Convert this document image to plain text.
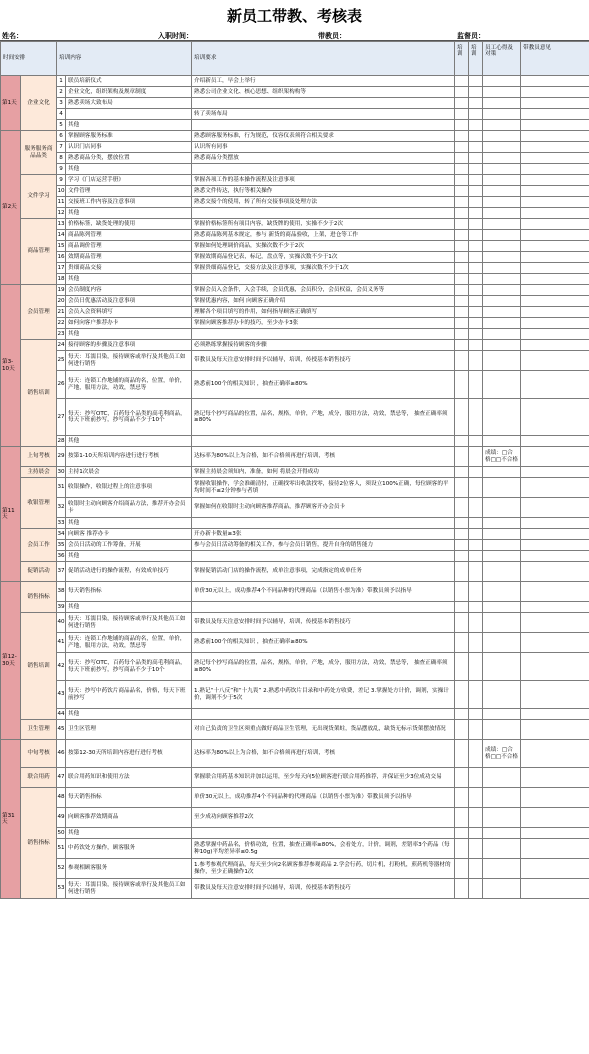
新员工带教、考核表
姓名：	入职时间：	带教员：	监督员：
时间安排		培训内容		培训要求	培训	培训	员工心得及对策	带教员意见
第1天	企业文化	1	联员培新仪式	介绍新员工，早会上举行				
		2	企业文化，组织架构及规章制度	熟悉公司企业文化、核心思想、组织架构构等				
		3	熟悉卖场大致布局					
		4		转了卖场布局				
		5	其他					
第2天	服务服务商品品类	6	掌握顾客服务标准	熟悉顾客服务标准，行为规范，仪容仪表须符合相关要求				
		7	认识门店同事	认识所有同事				
		8	熟悉商品分类，摆放位置	熟悉商品分类摆放				
		9	其他					
	文件学习	9	学习《门店运营手册》	掌握各项工作的基本操作流程及注意事项				
		10	文件管理	熟悉文件传达，执行等相关操作				
		11	交接班工作内容及注意事项	熟悉交接个的使用，转了所有交接事项及处理方法				
		12	其他					
	商品管理	13	价格标签，缺货处理的使用	掌握价格标签所有项目内容，缺货牌的使用，实操不少于2次				
		14	商品陈列管理	熟悉商品陈列基本规定，参与 新货的商品验收，上架，进仓等工作				
		15	商品调价管理	掌握如何处理调价商品，实操次数不少于2次				
		16	效期商品管理	掌握效期商品登记表，标记，盘点等，实操次数不少于1次				
		17	贵细商品交接	掌握贵细商品登记，交接方法及注意事项，实操次数不少于1次				
		18	其他					
第3-10天	会员管理	19	会员制度内容	掌握会员入会条件，入会手续，会员优惠，会员积分，会员权益，会员义务等				
		20	会员日优惠活动及注意事项	掌握优惠内容，如何 向顾客正确介绍				
		21	会员入会资料填写	理解各个项目填写的作用，如何指导顾客正确填写				
		22	如何向客户推荐办卡	掌握向顾客推荐办卡的技巧，至少办卡3张				
		23	其他					
	销售培训	24	接待顾客的步骤及注意事项	必须熟练掌握接待顾客的步骤				
		25	每天：耳濡目染，接待顾客或举行及其他员工如何进行销售	带教员及每天注意安排时间予以辅导，培训，传授基本销售技巧				
		26	每天：连锁工作地铺的商品的名，位置，单价，产地，服用方法，功效，禁忌等	熟悉前100个的相关知识 ，抽查正确率≥80%				
		27	每天：抄写OTC，百药每个品类的高毛利商品，每天下班前抄写，抄写商品不少于10个	熟记每个抄写商品的位置，品名，规格，单价，产地，成分，服用方法，功效，禁忌等， 抽查正确率须≥80%				
		28	其他					
第11天	上旬考核	29	按第1-10天所培训内容进行进行考核	达标率为80%以上为合格，如不合格须再进行培训，考核			成绩：□合格□□不合格	
	主持晨会	30	主持1次晨会	掌握主持晨会须知内，准备，如何 将晨会开得成功				
	收银管理	31	收银操作，收银过程上的注意事项	掌握收银操作，学会准确清付，正确找零出收款找零，接待2位客人，须设立100%正确，每位顾客的平均时间不≤2分钟参与者填				
		32	收银时主动向顾客介绍商品方法，推荐开办会员卡	掌握如何在收银时主动向顾客推荐商品，推荐顾客开办会员卡				
		33	其他					
	会员工作	34	向顾客 推荐办卡	开办新卡数量≥3张				
		35	会员日活动的工作筹备，开展	参与会员日活动筹备的相关工作，参与会员日销售，提升自身的销售能力				
		36	其他					
	促销活动	37	促销活动进行的操作流程，有效成单技巧	掌握促销活动门店的操作流程，成单注意事项，完成指定的成单任务				
第12-30天	销售指标	38	每天销售指标	单价30元以上，成功推荐4个不同品种的代理商品（以销售小票为准）带教员须予以指导				
		39	其他					
	销售培训	40	每天：耳濡目染，接待顾客或举行及其他员工如何进行销售	带教员及每天注意安排时间予以辅导，培训，传授基本销售技巧				
		41	每天：连锁工作地铺的商品的名，位置，单价，产地，服用方法，功效，禁忌等	熟悉前100个的相关知识 ，抽查正确率≥80%				
		42	每天：抄写OTC，百药每个品类的高毛利商品，每天下班前抄写，抄写商品不少于10个	熟记每个抄写商品的位置，品名，规格，单价，产地，成分，服用方法，功效，禁忌等， 抽查正确率须≥80%				
		43	每天：抄写中药饮片商品品名，价格，每天下班前抄写	1.熟记“十八反”和“十九畏” 2.熟悉中药饮片目录和中药处方收费，差记 3.掌握处方计价，调剂，实操计价，调剂不少于5次				
		44	其他					
	卫生管理	45	卫生区管理	对自己负责的卫生区须重点做好商品卫生管理，无出现货架蛀，货品摆放乱，缺货无标示货架摆放情况				
第31天	中旬考核	46	按第12-30天所培训内容进行进行考核	达标率为80%以上为合格，如不合格须再进行培训，考核			成绩：□合格□□不合格	
	联合用药	47	联合用药知识和使用方法	掌握联合用药基本知识并加以运用，至少每天向5位顾客进行联合用药推荐，并保证至少3位成功交易				
	销售指标	48	每天销售指标	单价30元以上，成功推荐4个不同品种的代理商品（以销售小票为准）带教员须予以指导				
		49	向顾客推荐效期商品	至少成功向顾客推荐2次				
		50	其他					
		51	中药饮处方操作，顾客服务	熟悉掌握中药品名，价格功效，位置，抽查正确率≥80%，会看处方，计价，调剂，差错率3个药品（每种10g)平均差异率≤0.5g				
		52	参观相顾客服务	1.参考参观代理商品，每天至少向2名顾客推荐参观商品 2.学会行药，切片机，打粉机，煎药机等器材的操作，至少正确操作1次				
		53	每天：耳濡目染，接待顾客或举行及其他员工如何进行销售	带教员及每天注意安排时间予以辅导，培训，传授基本销售技巧				
